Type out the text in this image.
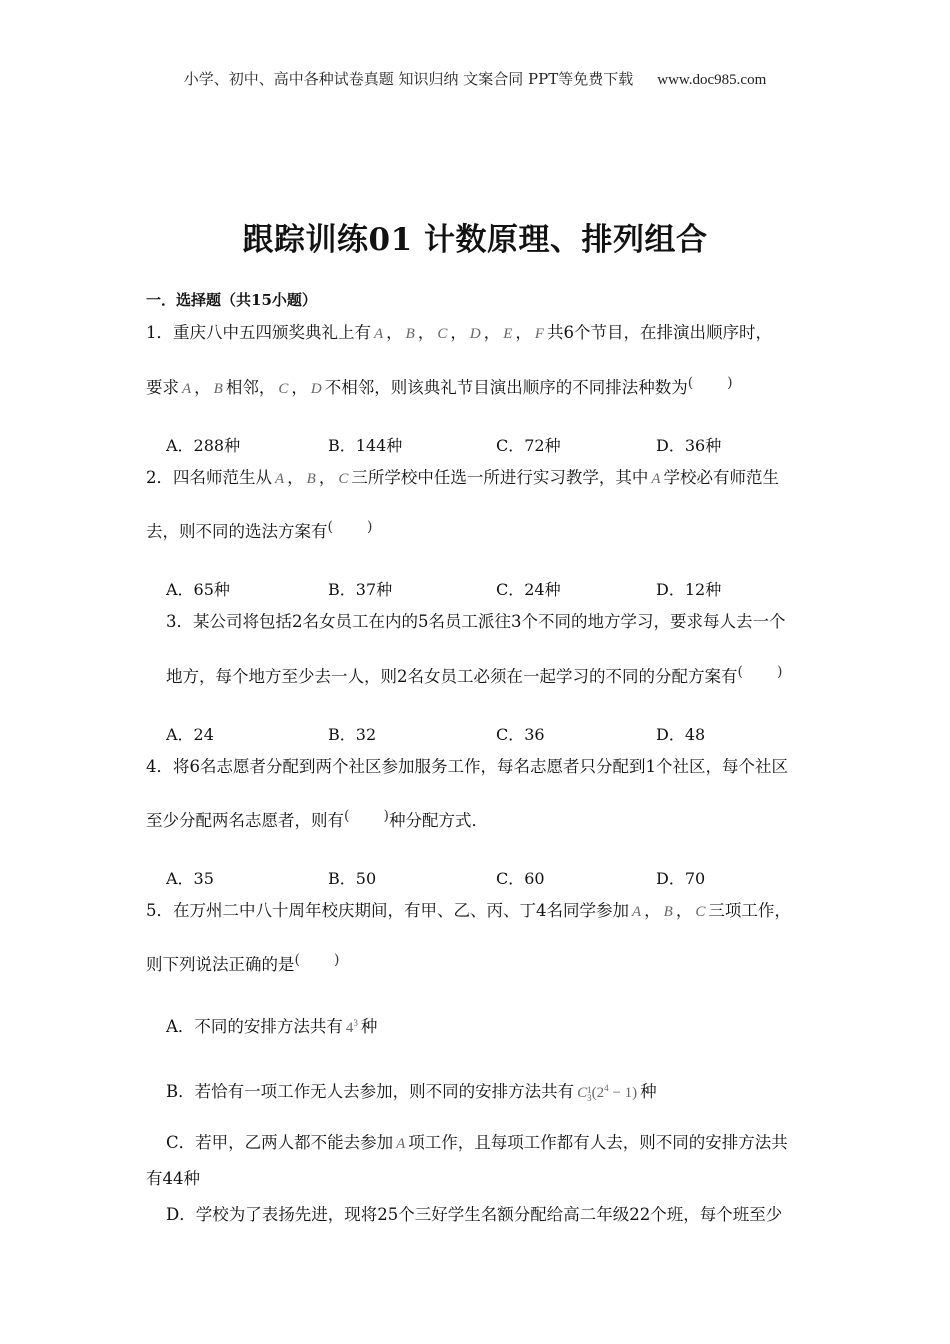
小学、初中、高中各种试卷真题 知识归纳 文案合同 PPT等免费下载 www.doc985.com
跟踪训练01 计数原理、排列组合
一．选择题（共15小题）
1．重庆八中五四颁奖典礼上有 A ， B ， C ， D ， E ， F 共6个节目，在排演出顺序时，
要求 A ， B 相邻， C ， D 不相邻，则该典礼节目演出顺序的不同排法种数为( )
A．288种	B．144种	C．72种	D．36种
2．四名师范生从 A ， B ， C 三所学校中任选一所进行实习教学，其中 A 学校必有师范生
去，则不同的选法方案有( )
A．65种	B．37种	C．24种	D．12种
3．某公司将包括2名女员工在内的5名员工派往3个不同的地方学习，要求每人去一个
地方，每个地方至少去一人，则2名女员工必须在一起学习的不同的分配方案有( )
A．24	B．32	C．36	D．48
4．将6名志愿者分配到两个社区参加服务工作，每名志愿者只分配到1个社区，每个社区
至少分配两名志愿者，则有( )种分配方式．
A．35	B．50	C．60	D．70
5．在万州二中八十周年校庆期间，有甲、乙、丙、丁4名同学参加 A ， B ， C 三项工作，
则下列说法正确的是( )
A．不同的安排方法共有 $4^3$ 种
B．若恰有一项工作无人去参加，则不同的安排方法共有 C 1
3 $(2^4 - 1)$ 种
C．若甲，乙两人都不能去参加 A 项工作，且每项工作都有人去，则不同的安排方法共
有44种
D．学校为了表扬先进，现将25个三好学生名额分配给高二年级22个班，每个班至少
